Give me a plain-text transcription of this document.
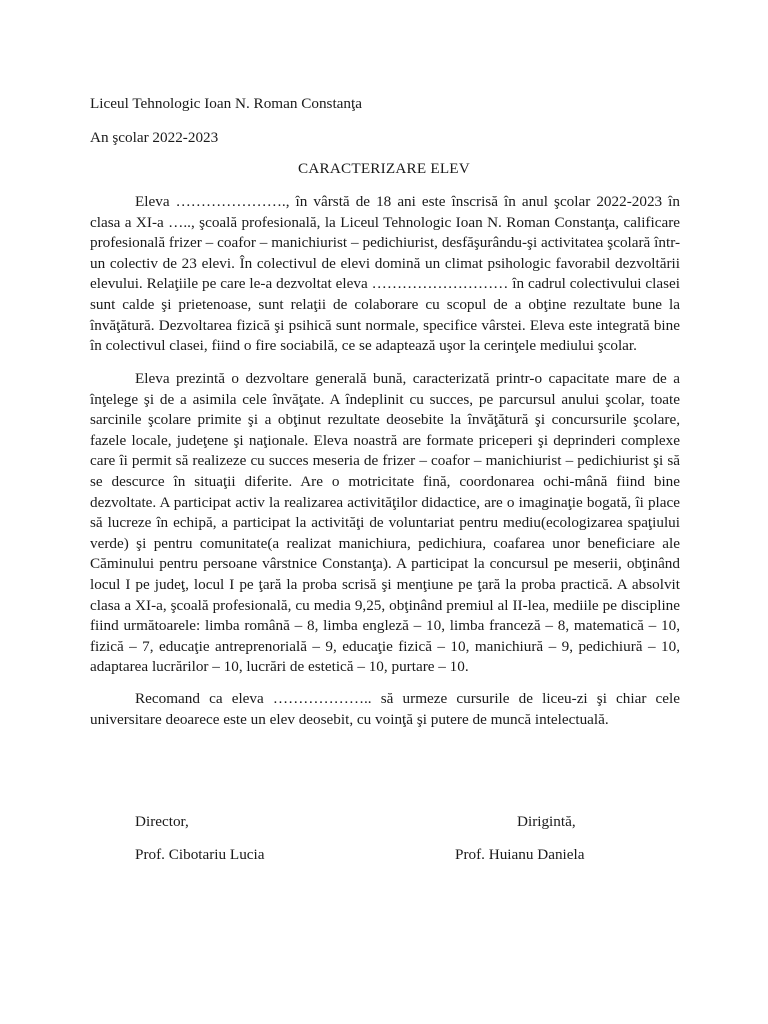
Liceul Tehnologic Ioan N. Roman Constanţa

An şcolar 2022-2023

CARACTERIZARE ELEV

Eleva …………………., în vârstă de 18 ani este înscrisă în anul şcolar 2022-2023 în clasa a XI-a ….., şcoală profesională, la Liceul Tehnologic Ioan N. Roman Constanţa, calificare profesională frizer – coafor – manichiurist – pedichiurist, desfăşurându-şi activitatea şcolară într-un colectiv de 23 elevi. În colectivul de elevi domină un climat psihologic favorabil dezvoltării elevului. Relaţiile pe care le-a dezvoltat eleva ……………………… în cadrul colectivului clasei sunt calde şi prietenoase, sunt relaţii de colaborare cu scopul de a obţine rezultate bune la învăţătură. Dezvoltarea fizică şi psihică sunt normale, specifice vârstei. Eleva este integrată bine în colectivul clasei, fiind o fire sociabilă, ce se adaptează uşor la cerinţele mediului şcolar.

Eleva prezintă o dezvoltare generală bună, caracterizată printr-o capacitate mare de a înţelege şi de a asimila cele învăţate. A îndeplinit cu succes, pe parcursul anului şcolar, toate sarcinile şcolare primite şi a obţinut rezultate deosebite la învăţătură şi concursurile şcolare, fazele locale, judeţene şi naţionale. Eleva noastră are formate priceperi şi deprinderi complexe care îi permit să realizeze cu succes meseria de frizer – coafor – manichiurist – pedichiurist şi să se descurce în situaţii diferite. Are o motricitate fină, coordonarea ochi-mână fiind bine dezvoltate. A participat activ la realizarea activităţilor didactice, are o imaginaţie bogată, îi place să lucreze în echipă, a participat la activităţi de voluntariat pentru mediu(ecologizarea spaţiului verde) şi pentru comunitate(a realizat manichiura, pedichiura, coafarea unor beneficiare ale Căminului pentru persoane vârstnice Constanţa). A participat la concursul pe meserii, obţinând locul I pe judeţ, locul I pe ţară la proba scrisă şi menţiune pe ţară la proba practică. A absolvit clasa a XI-a, şcoală profesională, cu media 9,25, obţinând premiul al II-lea, mediile pe discipline fiind următoarele: limba română – 8, limba engleză – 10, limba franceză – 8, matematică – 10, fizică – 7, educaţie antreprenorială – 9, educaţie fizică – 10, manichiură – 9, pedichiură – 10, adaptarea lucrărilor – 10, lucrări de estetică – 10, purtare – 10.

Recomand ca eleva ……………….. să urmeze cursurile de liceu-zi şi chiar cele universitare deoarece este un elev deosebit, cu voinţă şi putere de muncă intelectuală.

Director,

Prof. Cibotariu Lucia

Dirigintă,

Prof. Huianu Daniela
